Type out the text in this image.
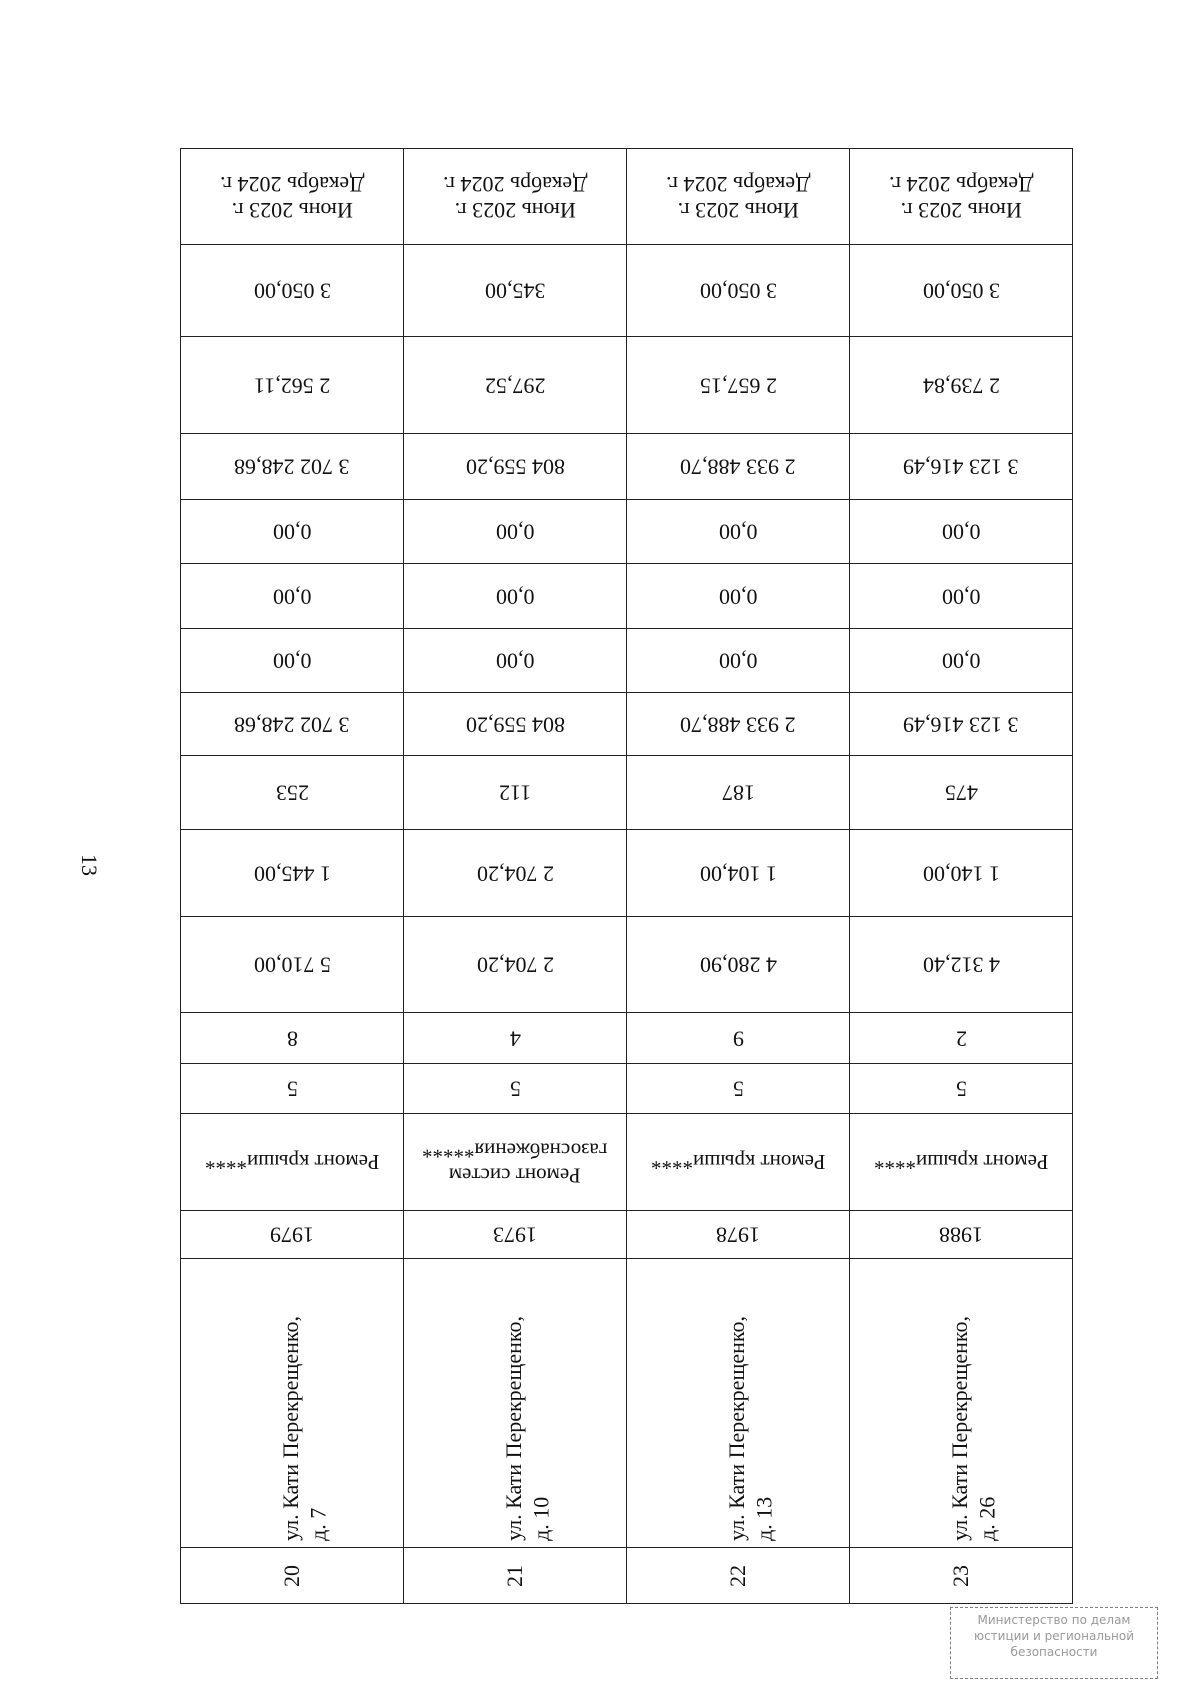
13
Июнь 2023 г.
Декабрь 2024 г.
3 050,00
2 562,11
3 702 248,68
0,00
0,00
0,00
3 702 248,68
253
1 445,00
5 710,00
8
5
Ремонт крыши****

1979
ул. Кати Перекрещенко, д. 7
20
Июнь 2023 г.
Декабрь 2024 г.
345,00
297,52
804 559,20
0,00
0,00
0,00
804 559,20
112
2 704,20
2 704,20
4
5
Ремонт систем
газоснабжения*****
1973
ул. Кати Перекрещенко, д. 10
21
Июнь 2023 г.
Декабрь 2024 г.
3 050,00
2 657,15
2 933 488,70
0,00
0,00
0,00
2 933 488,70
187
1 104,00
4 280,90
9
5
Ремонт крыши****

1978
ул. Кати Перекрещенко, д. 13
22
Июнь 2023 г.
Декабрь 2024 г.
3 050,00
2 739,84
3 123 416,49
0,00
0,00
0,00
3 123 416,49
475
1 140,00
4 312,40
2
5
Ремонт крыши****

1988
ул. Кати Перекрещенко, д. 26
23
Министерство по делам
юстиции и региональной
безопасности
